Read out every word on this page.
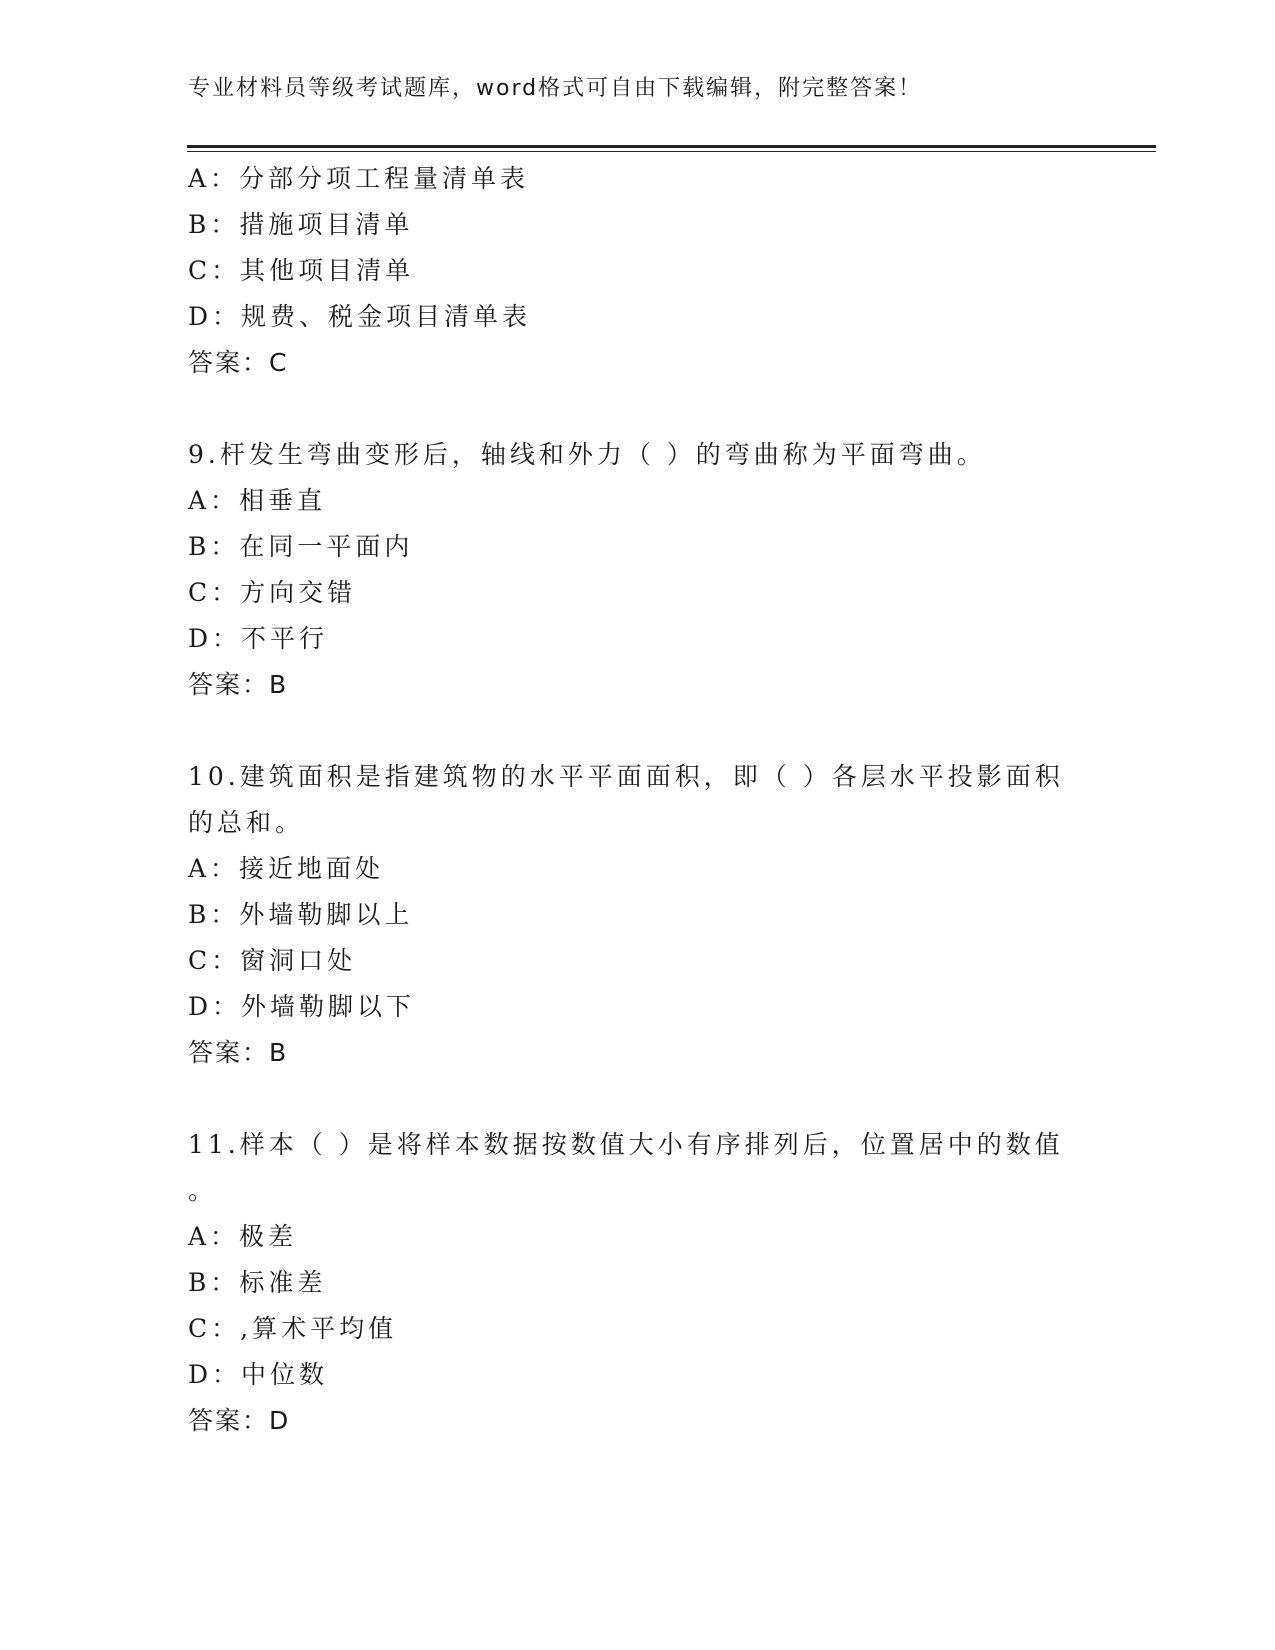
专业材料员等级考试题库，word格式可自由下载编辑，附完整答案！
A：分部分项工程量清单表
B：措施项目清单
C：其他项目清单
D：规费、税金项目清单表
答案：C
9.杆发生弯曲变形后，轴线和外力（ ）的弯曲称为平面弯曲。
A：相垂直
B：在同一平面内
C：方向交错
D：不平行
答案：B
10.建筑面积是指建筑物的水平平面面积，即（ ）各层水平投影面积
的总和。
A：接近地面处
B：外墙勒脚以上
C：窗洞口处
D：外墙勒脚以下
答案：B
11.样本（ ）是将样本数据按数值大小有序排列后，位置居中的数值
。
A：极差
B：标准差
C：,算术平均值
D：中位数
答案：D
